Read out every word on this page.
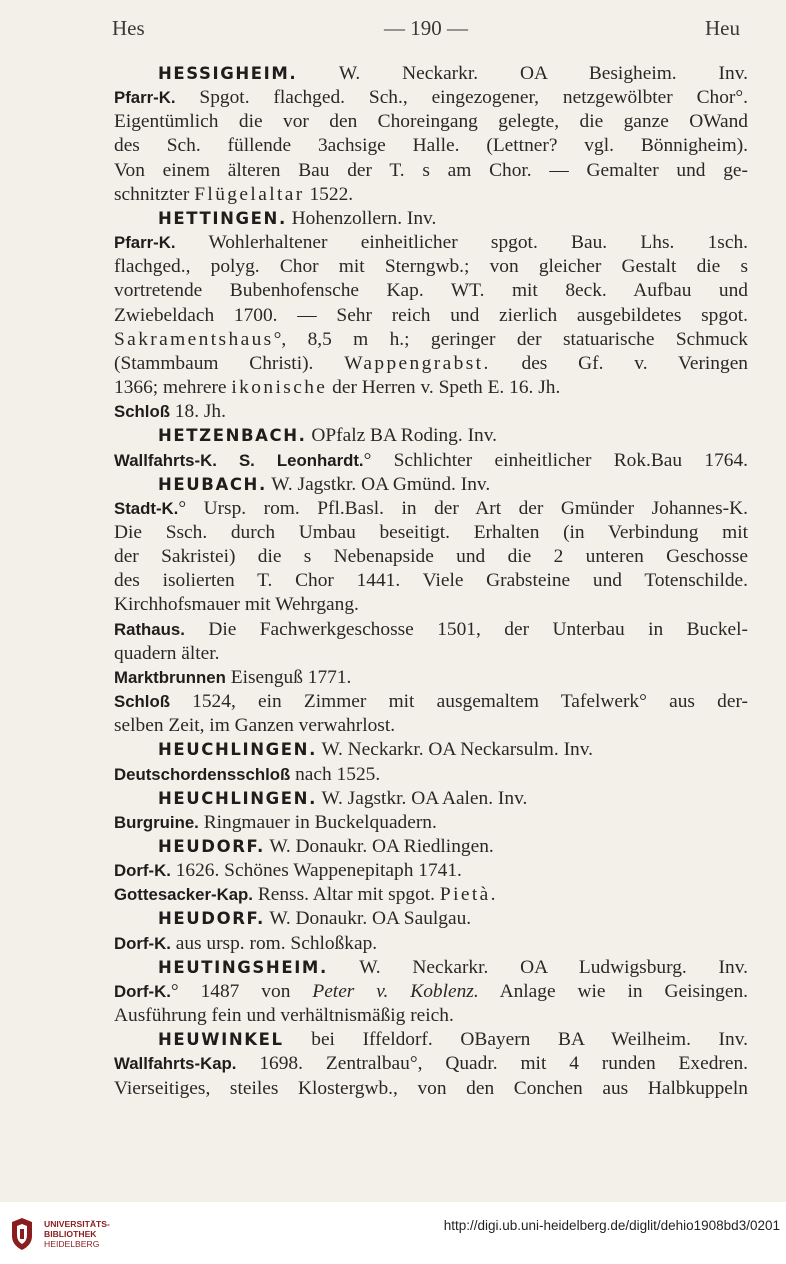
Hes	— 190 —	Heu
HESSIGHEIM. W. Neckarkr. OA Besigheim. Inv.
Pfarr-K. Spgot. flachged. Sch., eingezogener, netzgewölbter Chor°.
Eigentümlich die vor den Choreingang gelegte, die ganze OWand
des Sch. füllende 3achsige Halle. (Lettner? vgl. Bönnigheim).
Von einem älteren Bau der T. s am Chor. — Gemalter und ge-
schnitzter Flügelaltar 1522.
HETTINGEN. Hohenzollern. Inv.
Pfarr-K. Wohlerhaltener einheitlicher spgot. Bau. Lhs. 1sch.
flachged., polyg. Chor mit Sterngwb.; von gleicher Gestalt die s
vortretende Bubenhofensche Kap. WT. mit 8eck. Aufbau und
Zwiebeldach 1700. — Sehr reich und zierlich ausgebildetes spgot.
Sakramentshaus°, 8,5 m h.; geringer der statuarische Schmuck
(Stammbaum Christi). Wappengrabst. des Gf. v. Veringen
1366; mehrere ikonische der Herren v. Speth E. 16. Jh.
Schloß 18. Jh.
HETZENBACH. OPfalz BA Roding. Inv.
Wallfahrts-K. S. Leonhardt.° Schlichter einheitlicher Rok.Bau 1764.
HEUBACH. W. Jagstkr. OA Gmünd. Inv.
Stadt-K.° Ursp. rom. Pfl.Basl. in der Art der Gmünder Johannes-K.
Die Ssch. durch Umbau beseitigt. Erhalten (in Verbindung mit
der Sakristei) die s Nebenapside und die 2 unteren Geschosse
des isolierten T. Chor 1441. Viele Grabsteine und Totenschilde.
Kirchhofsmauer mit Wehrgang.
Rathaus. Die Fachwerkgeschosse 1501, der Unterbau in Buckel-
quadern älter.
Marktbrunnen Eisenguß 1771.
Schloß 1524, ein Zimmer mit ausgemaltem Tafelwerk° aus der-
selben Zeit, im Ganzen verwahrlost.
HEUCHLINGEN. W. Neckarkr. OA Neckarsulm. Inv.
Deutschordensschloß nach 1525.
HEUCHLINGEN. W. Jagstkr. OA Aalen. Inv.
Burgruine. Ringmauer in Buckelquadern.
HEUDORF. W. Donaukr. OA Riedlingen.
Dorf-K. 1626. Schönes Wappenepitaph 1741.
Gottesacker-Kap. Renss. Altar mit spgot. Pietà.
HEUDORF. W. Donaukr. OA Saulgau.
Dorf-K. aus ursp. rom. Schloßkap.
HEUTINGSHEIM. W. Neckarkr. OA Ludwigsburg. Inv.
Dorf-K.° 1487 von Peter v. Koblenz. Anlage wie in Geisingen.
Ausführung fein und verhältnismäßig reich.
HEUWINKEL bei Iffeldorf. OBayern BA Weilheim. Inv.
Wallfahrts-Kap. 1698. Zentralbau°, Quadr. mit 4 runden Exedren.
Vierseitiges, steiles Klostergwb., von den Conchen aus Halbkuppeln
UNIVERSITÄTS-
BIBLIOTHEK
HEIDELBERG
http://digi.ub.uni-heidelberg.de/diglit/dehio1908bd3/0201
